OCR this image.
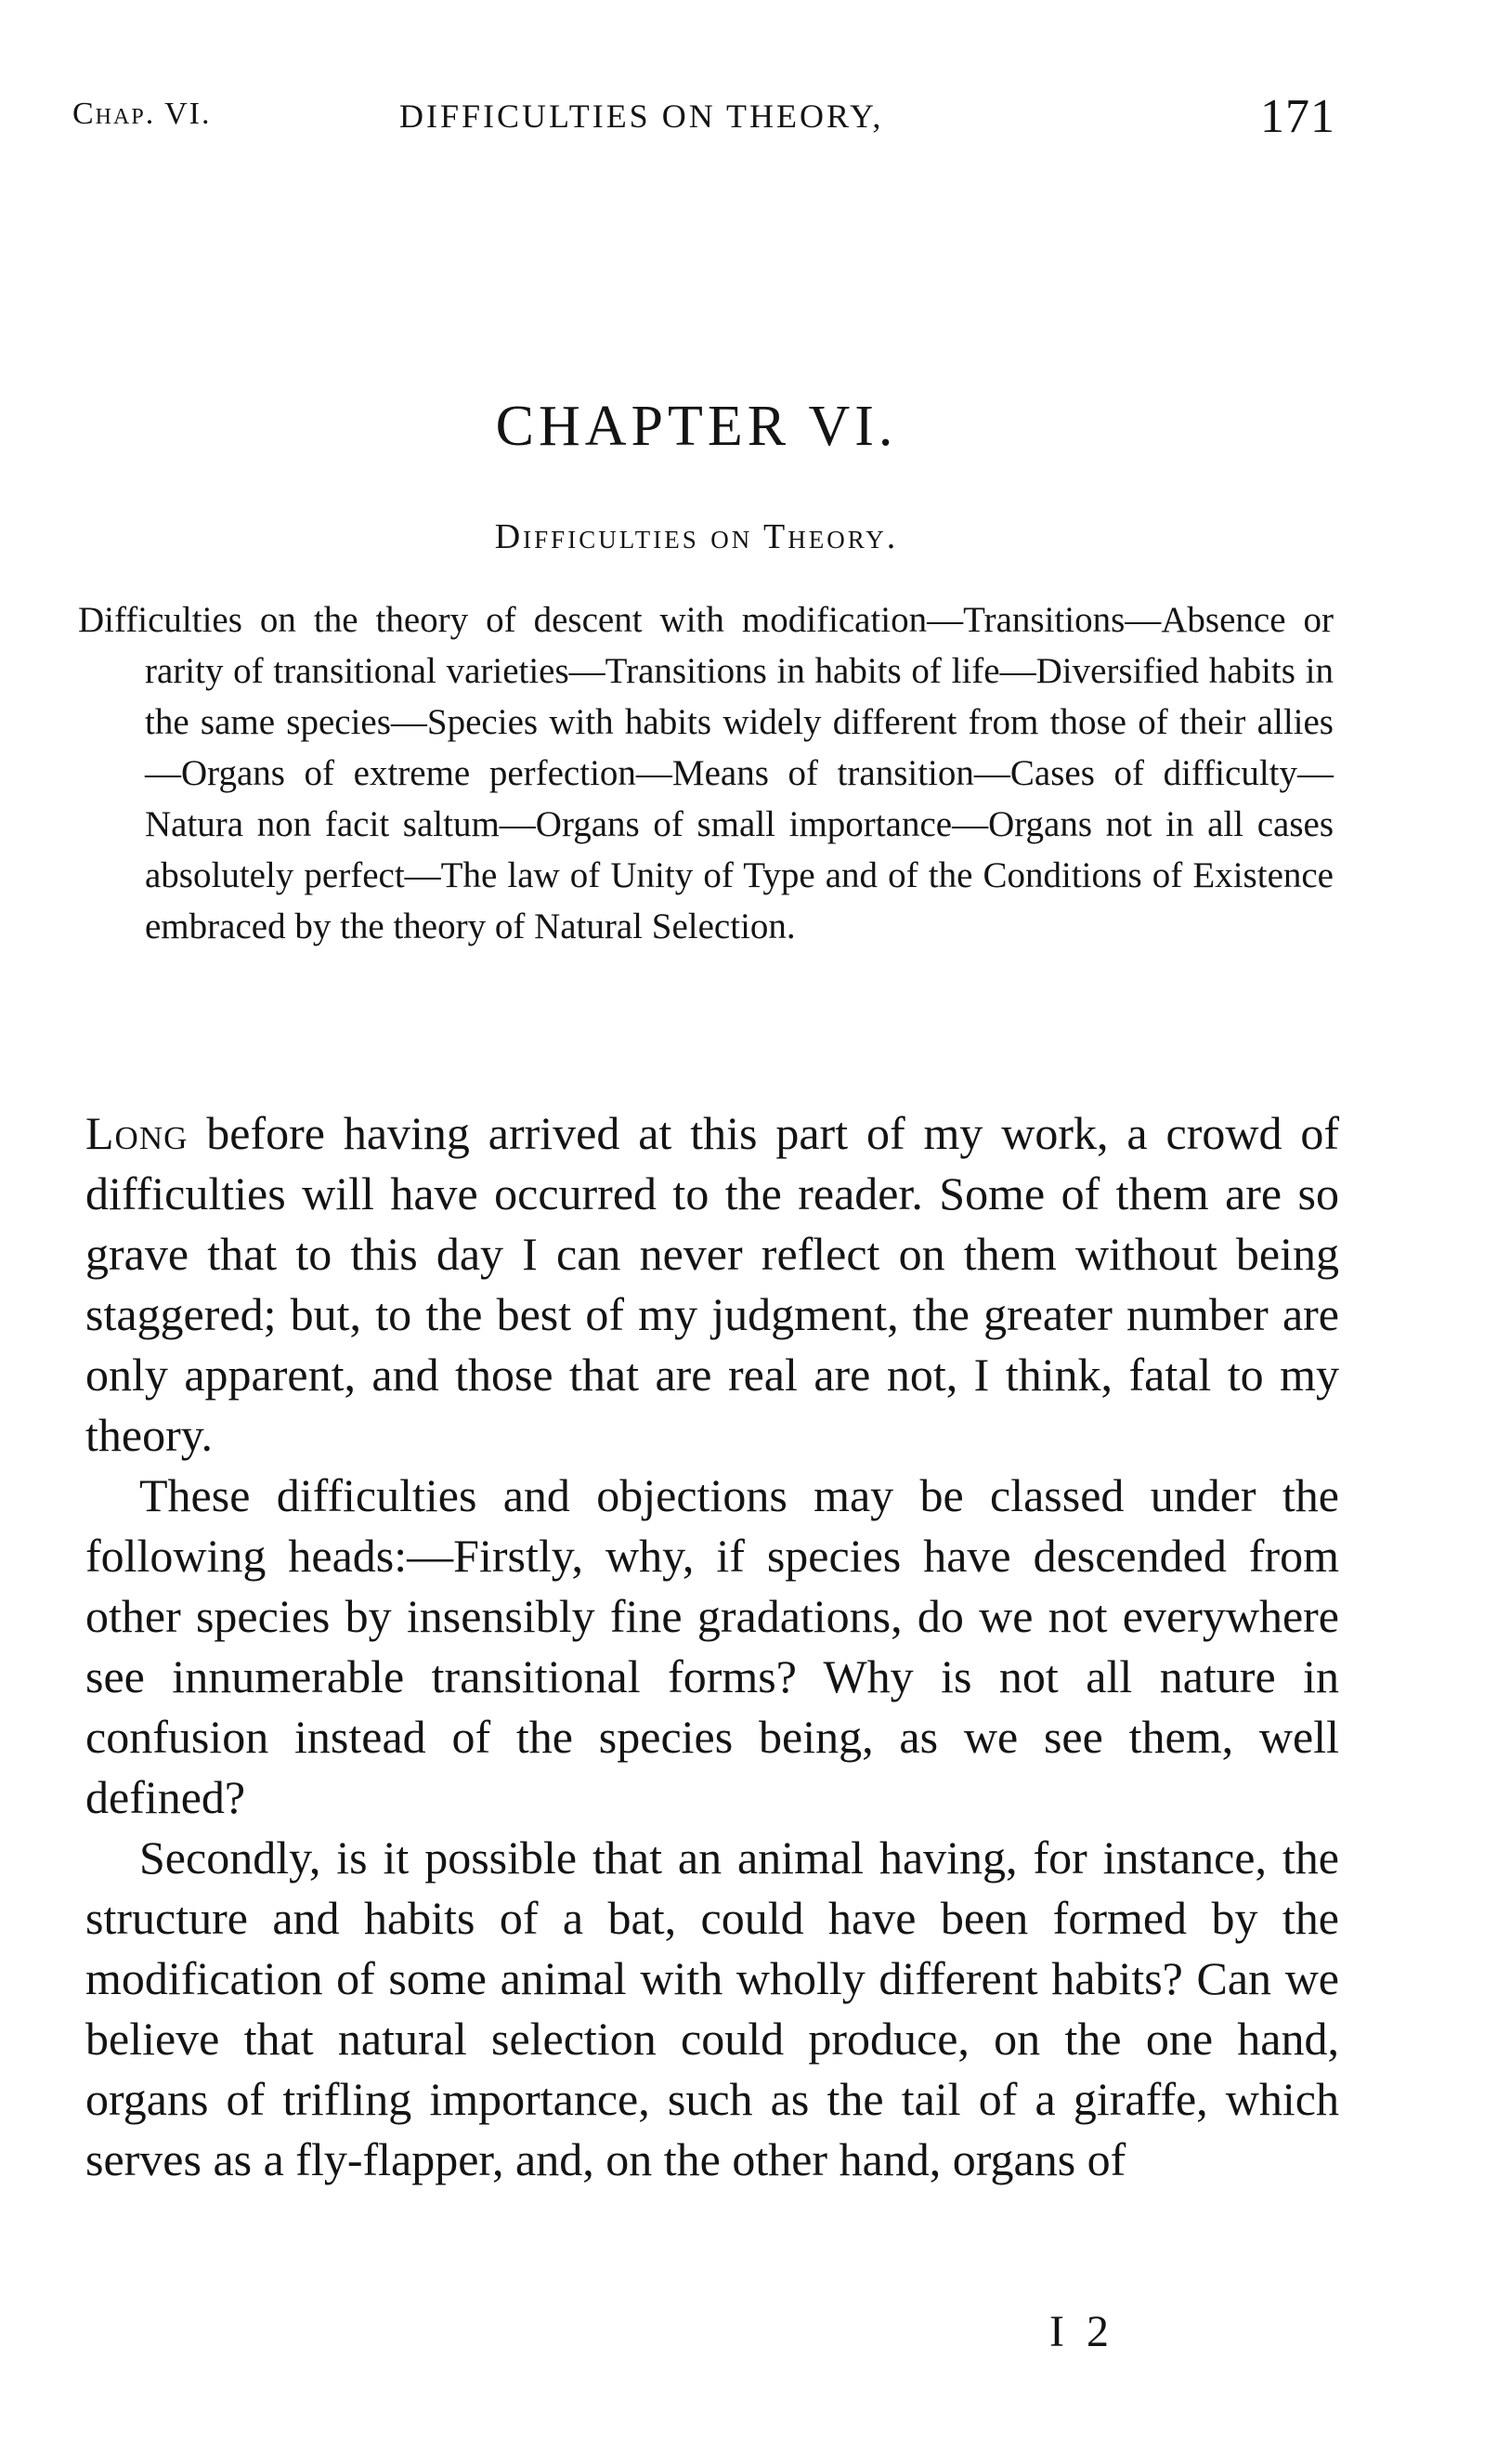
Chap. VI.	DIFFICULTIES ON THEORY,	171
CHAPTER VI.
Difficulties on Theory.
Difficulties on the theory of descent with modification—Transitions—Absence or rarity of transitional varieties—Transitions in habits of life—Diversified habits in the same species—Species with habits widely different from those of their allies—Organs of extreme perfection—Means of transition—Cases of difficulty—Natura non facit saltum—Organs of small importance—Organs not in all cases absolutely perfect—The law of Unity of Type and of the Conditions of Existence embraced by the theory of Natural Selection.

Long before having arrived at this part of my work, a crowd of difficulties will have occurred to the reader. Some of them are so grave that to this day I can never reflect on them without being staggered; but, to the best of my judgment, the greater number are only apparent, and those that are real are not, I think, fatal to my theory.

These difficulties and objections may be classed under the following heads:—Firstly, why, if species have descended from other species by insensibly fine gradations, do we not everywhere see innumerable transitional forms? Why is not all nature in confusion instead of the species being, as we see them, well defined?

Secondly, is it possible that an animal having, for instance, the structure and habits of a bat, could have been formed by the modification of some animal with wholly different habits? Can we believe that natural selection could produce, on the one hand, organs of trifling importance, such as the tail of a giraffe, which serves as a fly-flapper, and, on the other hand, organs of

I 2
